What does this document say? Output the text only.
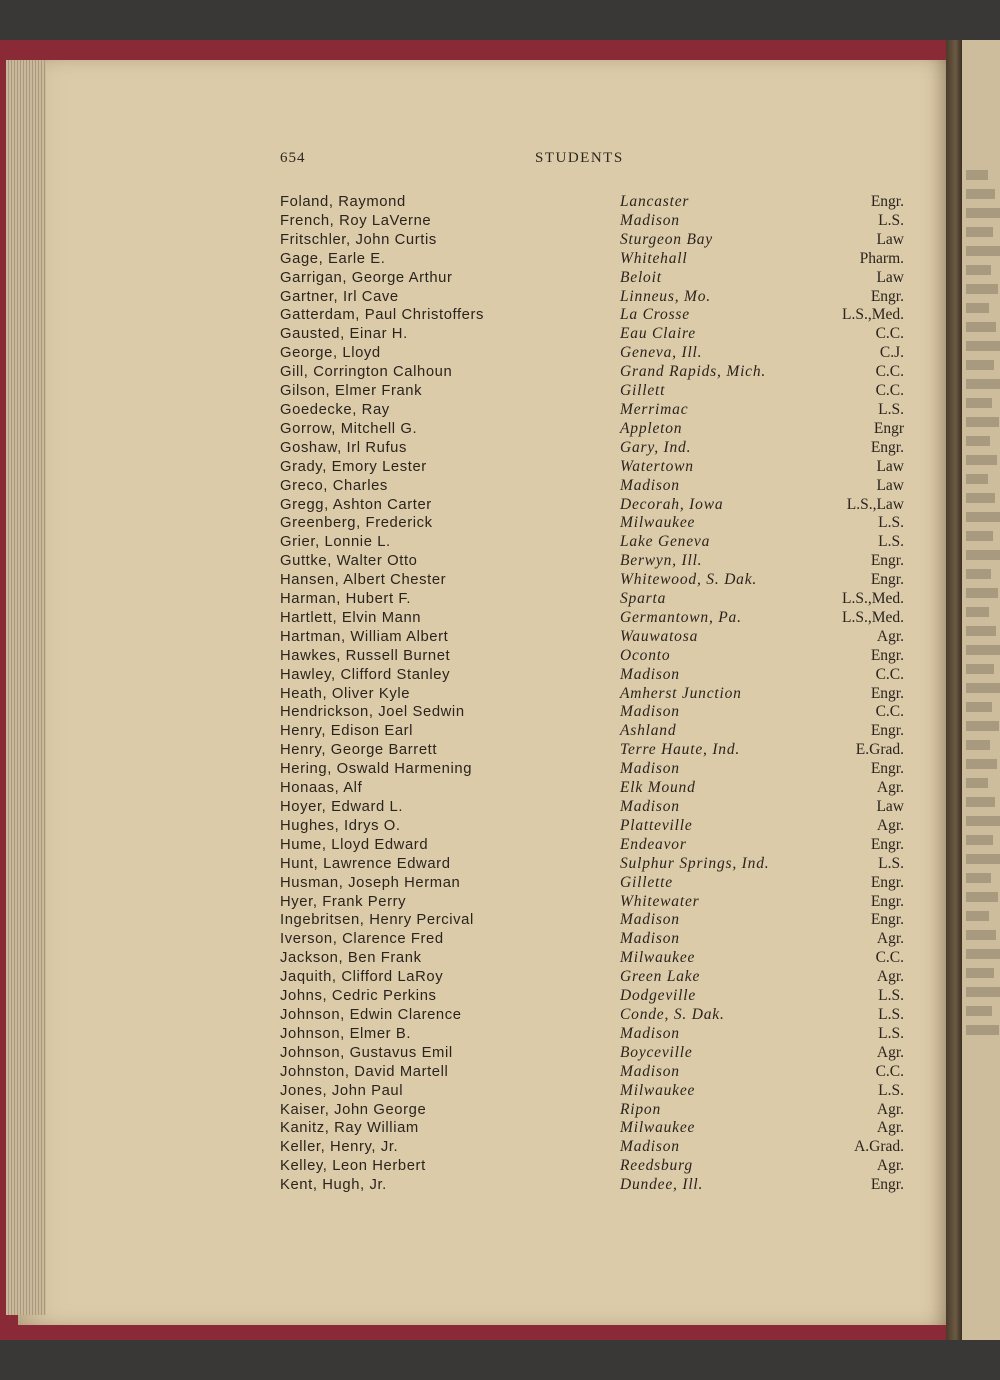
654	STUDENTS
Foland, Raymond	Lancaster	Engr.
French, Roy LaVerne	Madison	L.S.
Fritschler, John Curtis	Sturgeon Bay	Law
Gage, Earle E.	Whitehall	Pharm.
Garrigan, George Arthur	Beloit	Law
Gartner, Irl Cave	Linneus, Mo.	Engr.
Gatterdam, Paul Christoffers	La Crosse	L.S.,Med.
Gausted, Einar H.	Eau Claire	C.C.
George, Lloyd	Geneva, Ill.	C.J.
Gill, Corrington Calhoun	Grand Rapids, Mich.	C.C.
Gilson, Elmer Frank	Gillett	C.C.
Goedecke, Ray	Merrimac	L.S.
Gorrow, Mitchell G.	Appleton	Engr
Goshaw, Irl Rufus	Gary, Ind.	Engr.
Grady, Emory Lester	Watertown	Law
Greco, Charles	Madison	Law
Gregg, Ashton Carter	Decorah, Iowa	L.S.,Law
Greenberg, Frederick	Milwaukee	L.S.
Grier, Lonnie L.	Lake Geneva	L.S.
Guttke, Walter Otto	Berwyn, Ill.	Engr.
Hansen, Albert Chester	Whitewood, S. Dak.	Engr.
Harman, Hubert F.	Sparta	L.S.,Med.
Hartlett, Elvin Mann	Germantown, Pa.	L.S.,Med.
Hartman, William Albert	Wauwatosa	Agr.
Hawkes, Russell Burnet	Oconto	Engr.
Hawley, Clifford Stanley	Madison	C.C.
Heath, Oliver Kyle	Amherst Junction	Engr.
Hendrickson, Joel Sedwin	Madison	C.C.
Henry, Edison Earl	Ashland	Engr.
Henry, George Barrett	Terre Haute, Ind.	E.Grad.
Hering, Oswald Harmening	Madison	Engr.
Honaas, Alf	Elk Mound	Agr.
Hoyer, Edward L.	Madison	Law
Hughes, Idrys O.	Platteville	Agr.
Hume, Lloyd Edward	Endeavor	Engr.
Hunt, Lawrence Edward	Sulphur Springs, Ind.	L.S.
Husman, Joseph Herman	Gillette	Engr.
Hyer, Frank Perry	Whitewater	Engr.
Ingebritsen, Henry Percival	Madison	Engr.
Iverson, Clarence Fred	Madison	Agr.
Jackson, Ben Frank	Milwaukee	C.C.
Jaquith, Clifford LaRoy	Green Lake	Agr.
Johns, Cedric Perkins	Dodgeville	L.S.
Johnson, Edwin Clarence	Conde, S. Dak.	L.S.
Johnson, Elmer B.	Madison	L.S.
Johnson, Gustavus Emil	Boyceville	Agr.
Johnston, David Martell	Madison	C.C.
Jones, John Paul	Milwaukee	L.S.
Kaiser, John George	Ripon	Agr.
Kanitz, Ray William	Milwaukee	Agr.
Keller, Henry, Jr.	Madison	A.Grad.
Kelley, Leon Herbert	Reedsburg	Agr.
Kent, Hugh, Jr.	Dundee, Ill.	Engr.
